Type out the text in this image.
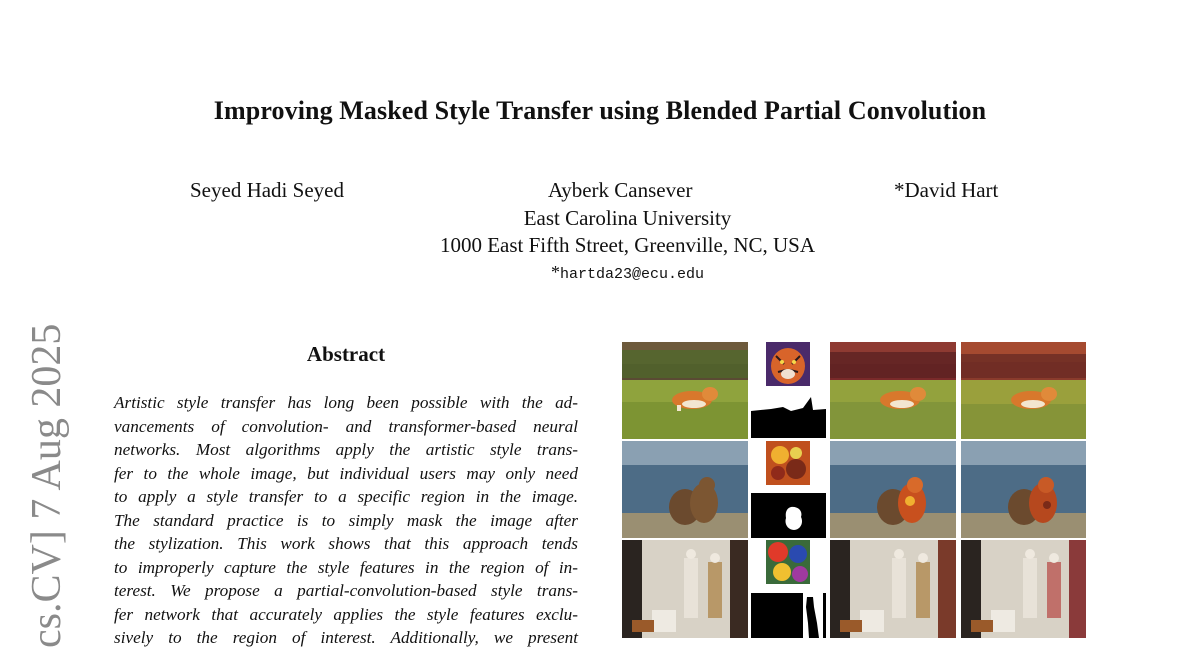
Improving Masked Style Transfer using Blended Partial Convolution
Seyed Hadi Seyed	Ayberk Cansever	*David Hart
East Carolina University
1000 East Fifth Street, Greenville, NC, USA
*hartda23@ecu.edu
cs.CV] 7 Aug 2025	Abstract
Artistic style transfer has long been possible with the ad-
vancements of convolution- and transformer-based neural
networks. Most algorithms apply the artistic style trans-
fer to the whole image, but individual users may only need
to apply a style transfer to a specific region in the image.
The standard practice is to simply mask the image after
the stylization. This work shows that this approach tends
to improperly capture the style features in the region of in-
terest. We propose a partial-convolution-based style trans-
fer network that accurately applies the style features exclu-
sively to the region of interest. Additionally, we present
